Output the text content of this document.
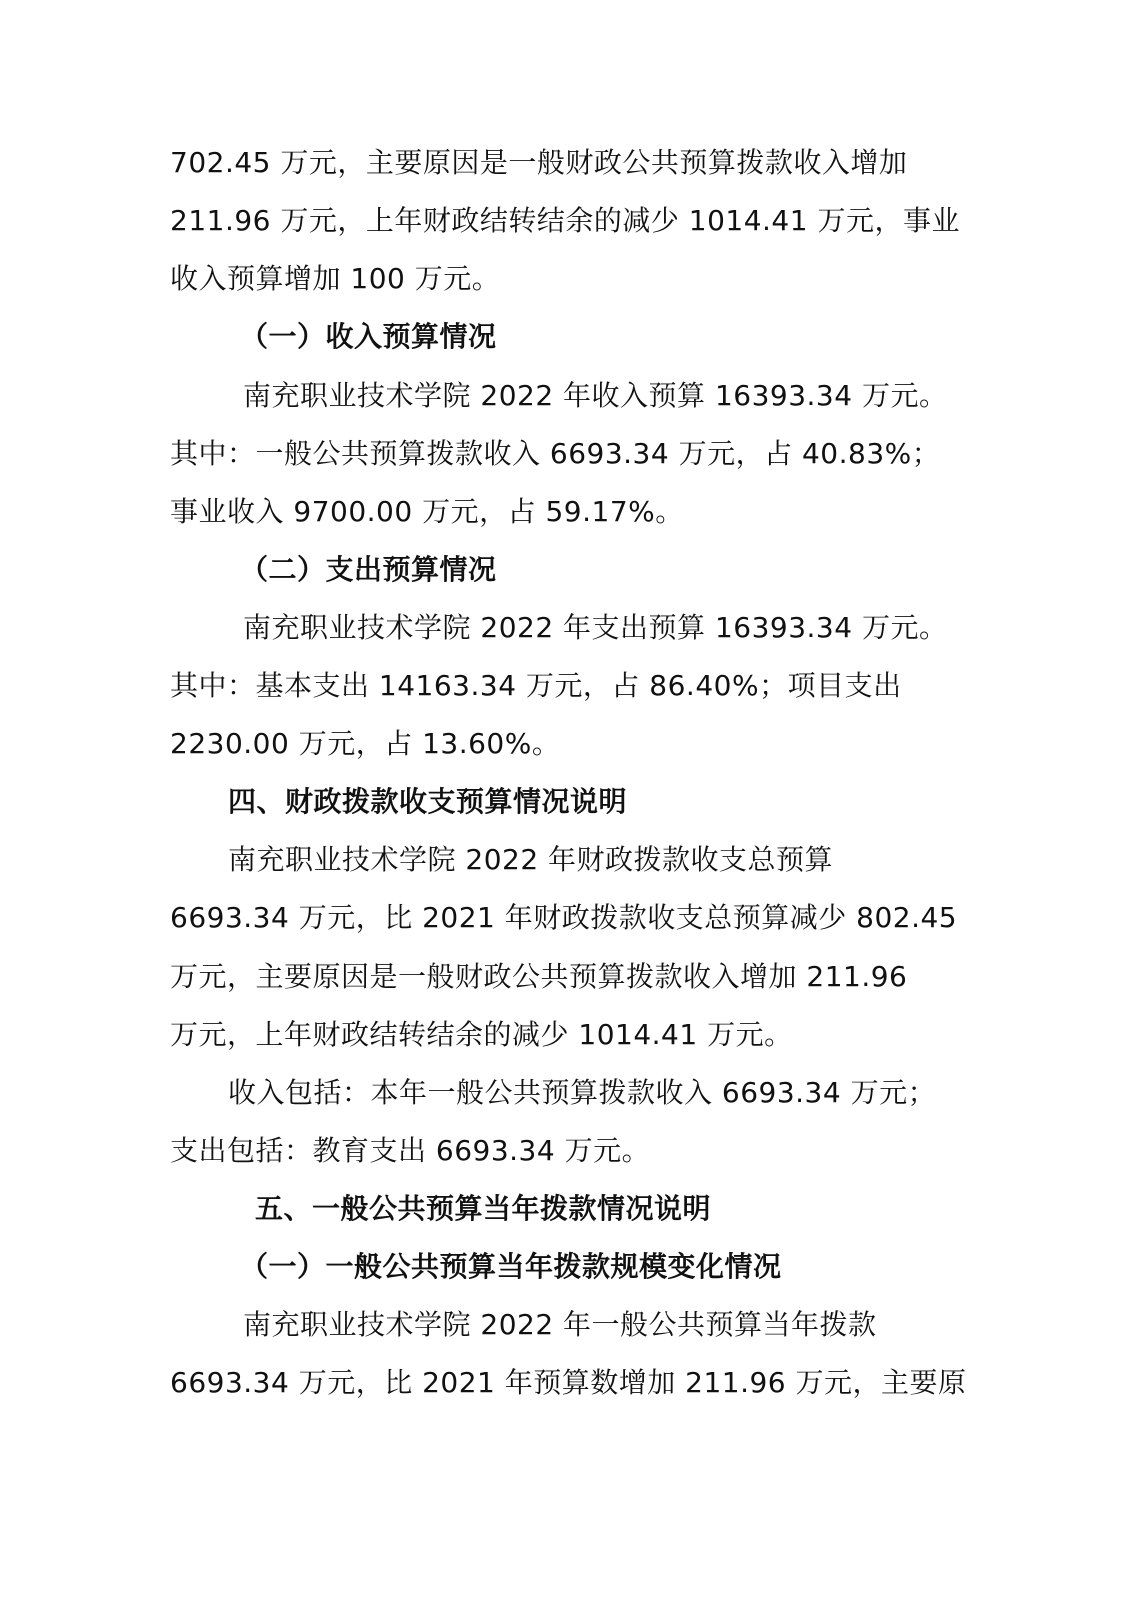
702.45 万元，主要原因是一般财政公共预算拨款收入增加
211.96 万元，上年财政结转结余的减少 1014.41 万元，事业
收入预算增加 100 万元。
（一）收入预算情况
南充职业技术学院 2022 年收入预算 16393.34 万元。
其中：一般公共预算拨款收入 6693.34 万元，占 40.83%；
事业收入 9700.00 万元，占 59.17%。
（二）支出预算情况
南充职业技术学院 2022 年支出预算 16393.34 万元。
其中：基本支出 14163.34 万元，占 86.40%；项目支出
2230.00 万元，占 13.60%。
四、财政拨款收支预算情况说明
南充职业技术学院 2022 年财政拨款收支总预算
6693.34 万元，比 2021 年财政拨款收支总预算减少 802.45
万元，主要原因是一般财政公共预算拨款收入增加 211.96
万元，上年财政结转结余的减少 1014.41 万元。
收入包括：本年一般公共预算拨款收入 6693.34 万元；
支出包括：教育支出 6693.34 万元。
五、一般公共预算当年拨款情况说明
（一）一般公共预算当年拨款规模变化情况
南充职业技术学院 2022 年一般公共预算当年拨款
6693.34 万元，比 2021 年预算数增加 211.96 万元，主要原
